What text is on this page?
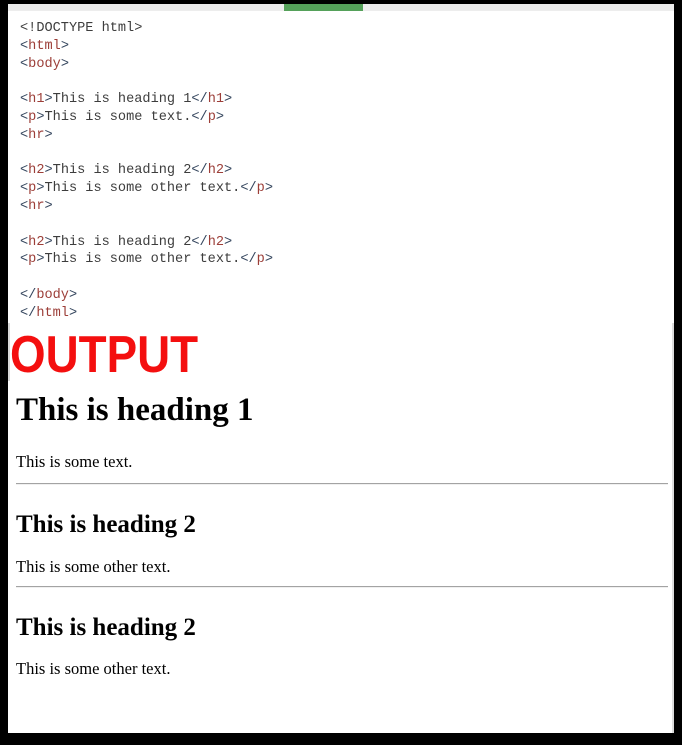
<!DOCTYPE html>
<html>
<body>
<h1>This is heading 1</h1>
<p>This is some text.</p>
<hr>
<h2>This is heading 2</h2>
<p>This is some other text.</p>
<hr>
<h2>This is heading 2</h2>
<p>This is some other text.</p>
</body>
</html>
OUTPUT
This is heading 1

This is some text.

This is heading 2

This is some other text.

This is heading 2

This is some other text.
